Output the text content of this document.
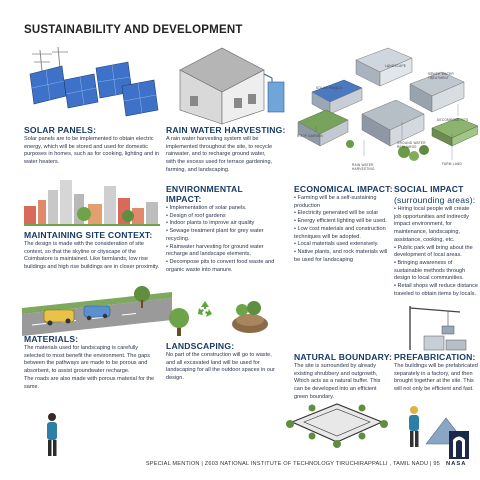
SUSTAINABILITY AND DEVELOPMENT
LANDSCAPE
SEWER WATER TREATMENT
SOLAR PANELS
DECOMPOSE PITS
ROOF GARDEN
GROUND WATER RECHARGE
FARM LAND
RAIN WATER HARVESTING
SOLAR PANELS:
Solar panels are to be implemented to obtain electric energy, which will be stored and used for domestic purposes in homes, such as for cooking, lighting and in water heaters.
RAIN WATER HARVESTING:
A rain water harvesting system will be implemented throughout the site, to recycle rainwater, and to recharge ground water, with the excess used for terrace gardening, farming, and landscaping.
ENVIRONMENTAL IMPACT:

• Implementation of solar panels.

• Design of roof gardens

• Indoor plants to improve air quality

• Sewage treatment plant for grey water recycling.

• Rainwater harvesting for ground water recharge and landscape elements.

• Decompose pits to convert food waste and organic waste into manure.

ECONOMICAL IMPACT:

• Farming will be a self-sustaining production

• Electricity generated will be solar

• Energy efficient lighting will be used.

• Low cost materials and construction techniques will be adopted.

• Local materials used extensively.

• Native plants, and rock materials will be used for landscaping

SOCIAL IMPACT
(surrounding areas):

• Hiring local people will create job opportunities and indirectly impact environment, for maintenance, landscaping, assistance, cooking, etc.

• Public park will bring about the development of local areas.

• Bringing awareness of sustainable methods through design to local communities.

• Retail shops will reduce distance traveled to obtain items by locals.

MAINTAINING SITE CONTEXT:
The design is made with the consideration of site context, so that the skyline or cityscape of the Coimbatore is maintained. Like farmlands, low rise buildings and high rise buildings are in closer proximity.
MATERIALS:

The materials used for landscaping is carefully selected to most benefit the environment. The gaps between the pathways are made to be porous and absorbent, to assist groundwater recharge.

The roads are also made with porous material for the same.

LANDSCAPING:
No part of the construction will go to waste, and all excavated land will be used for landscaping for all the outdoor spaces in our design.
NATURAL BOUNDARY:
The site is surrounded by already existing shrubbery and outgrowth, Which acts as a natural buffer. This can be developed into an efficient green boundary.
PREFABRICATION:
The buildings will be prefabricated separately in a factory, and then brought together at the site. This will not only be efficient and fast.
SPECIAL MENTION | Z603 NATIONAL INSTITUTE OF TECHNOLOGY TIRUCHIRAPPALLI , TAMIL NADU | 95 NASA
